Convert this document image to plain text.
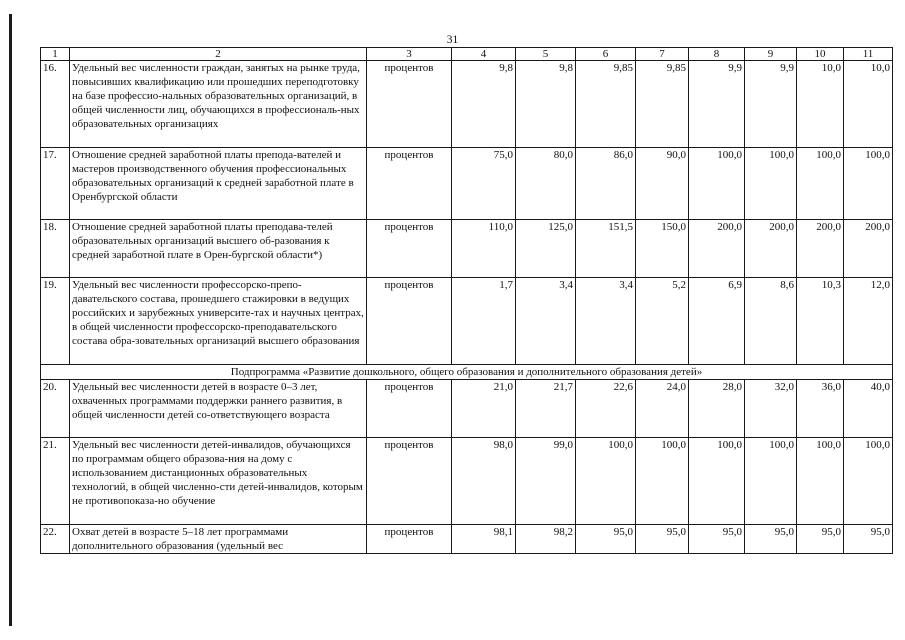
31
1	2	3	4	5	6	7	8	9	10	11
16.	Удельный вес численности граждан, занятых на рынке труда, повысивших квалификацию или прошедших переподготовку на базе профессио-нальных образовательных организаций, в общей численности лиц, обучающихся в профессиональ-ных образовательных организациях	процентов	9,8	9,8	9,85	9,85	9,9	9,9	10,0	10,0
17.	Отношение средней заработной платы препода-вателей и мастеров производственного обучения профессиональных образовательных организаций к средней заработной плате в Оренбургской области	процентов	75,0	80,0	86,0	90,0	100,0	100,0	100,0	100,0
18.	Отношение средней заработной платы преподава-телей образовательных организаций высшего об-разования к средней заработной плате в Орен-бургской области*)	процентов	110,0	125,0	151,5	150,0	200,0	200,0	200,0	200,0
19.	Удельный вес численности профессорско-препо-давательского состава, прошедшего стажировки в ведущих российских и зарубежных университе-тах и научных центрах, в общей численности профессорско-преподавательского состава обра-зовательных организаций высшего образования	процентов	1,7	3,4	3,4	5,2	6,9	8,6	10,3	12,0
Подпрограмма «Развитие дошкольного, общего образования и дополнительного образования детей»										
20.	Удельный вес численности детей в возрасте 0–3 лет, охваченных программами поддержки раннего развития, в общей численности детей со-ответствующего возраста	процентов	21,0	21,7	22,6	24,0	28,0	32,0	36,0	40,0
21.	Удельный вес численности детей-инвалидов, обучающихся по программам общего образова-ния на дому с использованием дистанционных образовательных технологий, в общей численно-сти детей-инвалидов, которым не противопоказа-но обучение	процентов	98,0	99,0	100,0	100,0	100,0	100,0	100,0	100,0
22.	Охват детей в возрасте 5–18 лет программами дополнительного образования (удельный вес	процентов	98,1	98,2	95,0	95,0	95,0	95,0	95,0	95,0
